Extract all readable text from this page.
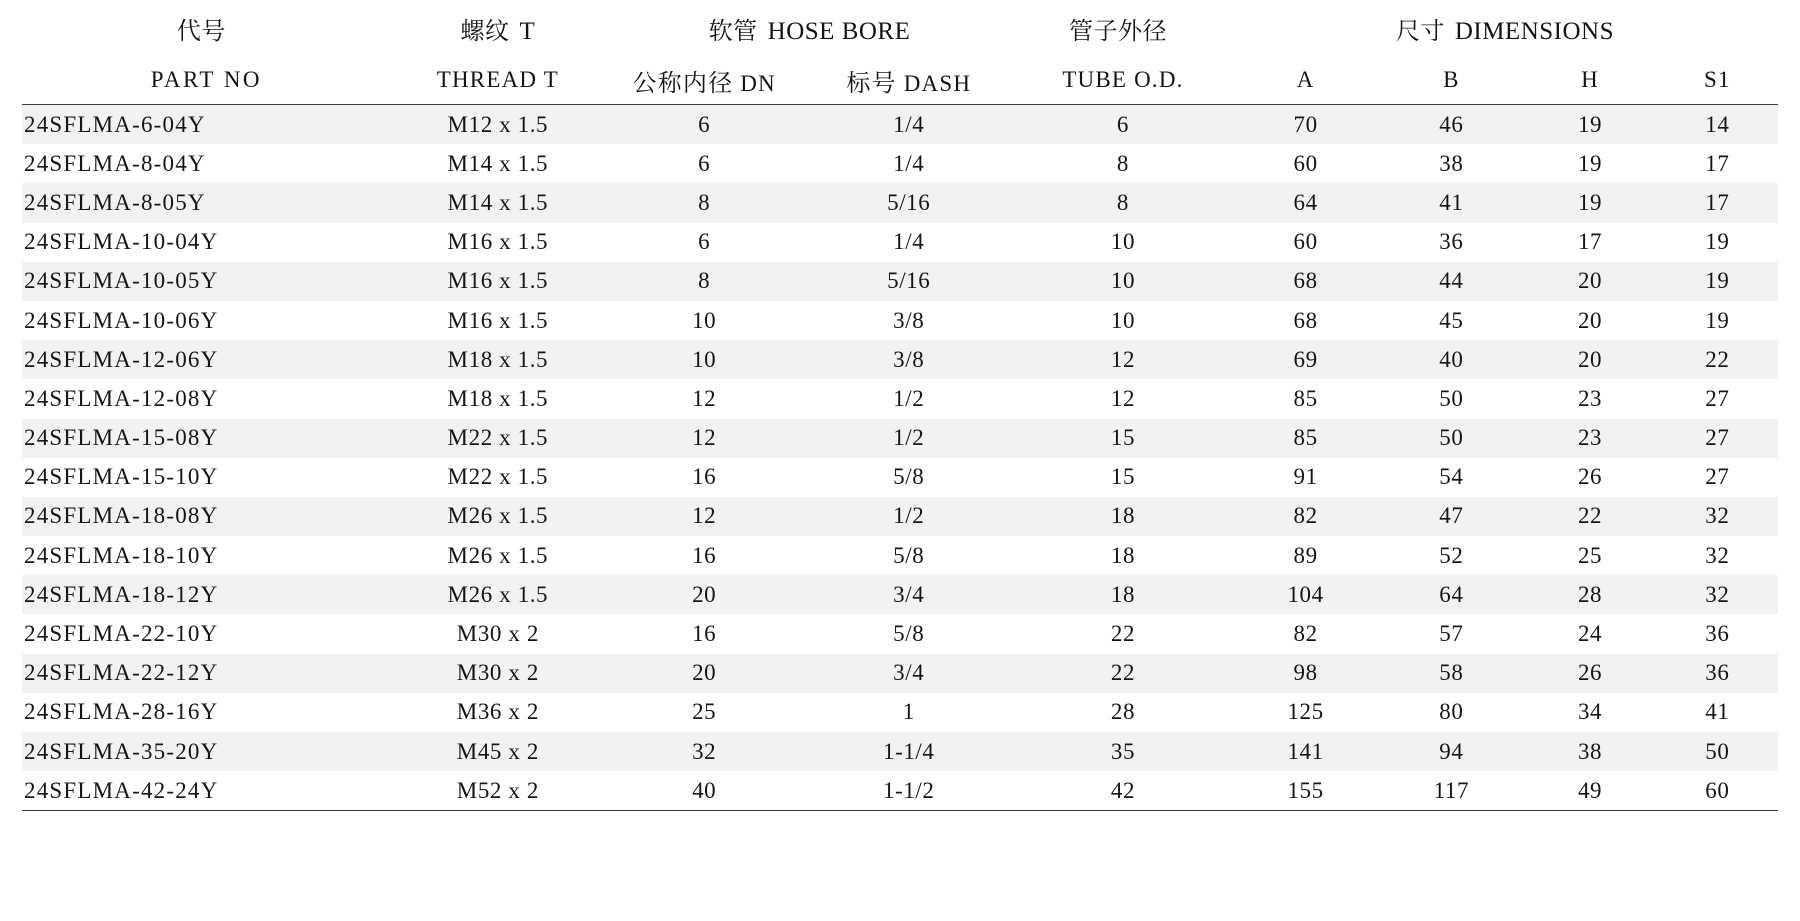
代号	螺纹 T	软管 HOSE BORE		管子外径	尺寸 DIMENSIONS			
PART NO	THREAD T	公称内径 DN	标号 DASH	TUBE O.D.	A	B	H	S1
24SFLMA-6-04Y	M12 x 1.5	6	1/4	6	70	46	19	14
24SFLMA-8-04Y	M14 x 1.5	6	1/4	8	60	38	19	17
24SFLMA-8-05Y	M14 x 1.5	8	5/16	8	64	41	19	17
24SFLMA-10-04Y	M16 x 1.5	6	1/4	10	60	36	17	19
24SFLMA-10-05Y	M16 x 1.5	8	5/16	10	68	44	20	19
24SFLMA-10-06Y	M16 x 1.5	10	3/8	10	68	45	20	19
24SFLMA-12-06Y	M18 x 1.5	10	3/8	12	69	40	20	22
24SFLMA-12-08Y	M18 x 1.5	12	1/2	12	85	50	23	27
24SFLMA-15-08Y	M22 x 1.5	12	1/2	15	85	50	23	27
24SFLMA-15-10Y	M22 x 1.5	16	5/8	15	91	54	26	27
24SFLMA-18-08Y	M26 x 1.5	12	1/2	18	82	47	22	32
24SFLMA-18-10Y	M26 x 1.5	16	5/8	18	89	52	25	32
24SFLMA-18-12Y	M26 x 1.5	20	3/4	18	104	64	28	32
24SFLMA-22-10Y	M30 x 2	16	5/8	22	82	57	24	36
24SFLMA-22-12Y	M30 x 2	20	3/4	22	98	58	26	36
24SFLMA-28-16Y	M36 x 2	25	1	28	125	80	34	41
24SFLMA-35-20Y	M45 x 2	32	1-1/4	35	141	94	38	50
24SFLMA-42-24Y	M52 x 2	40	1-1/2	42	155	117	49	60
